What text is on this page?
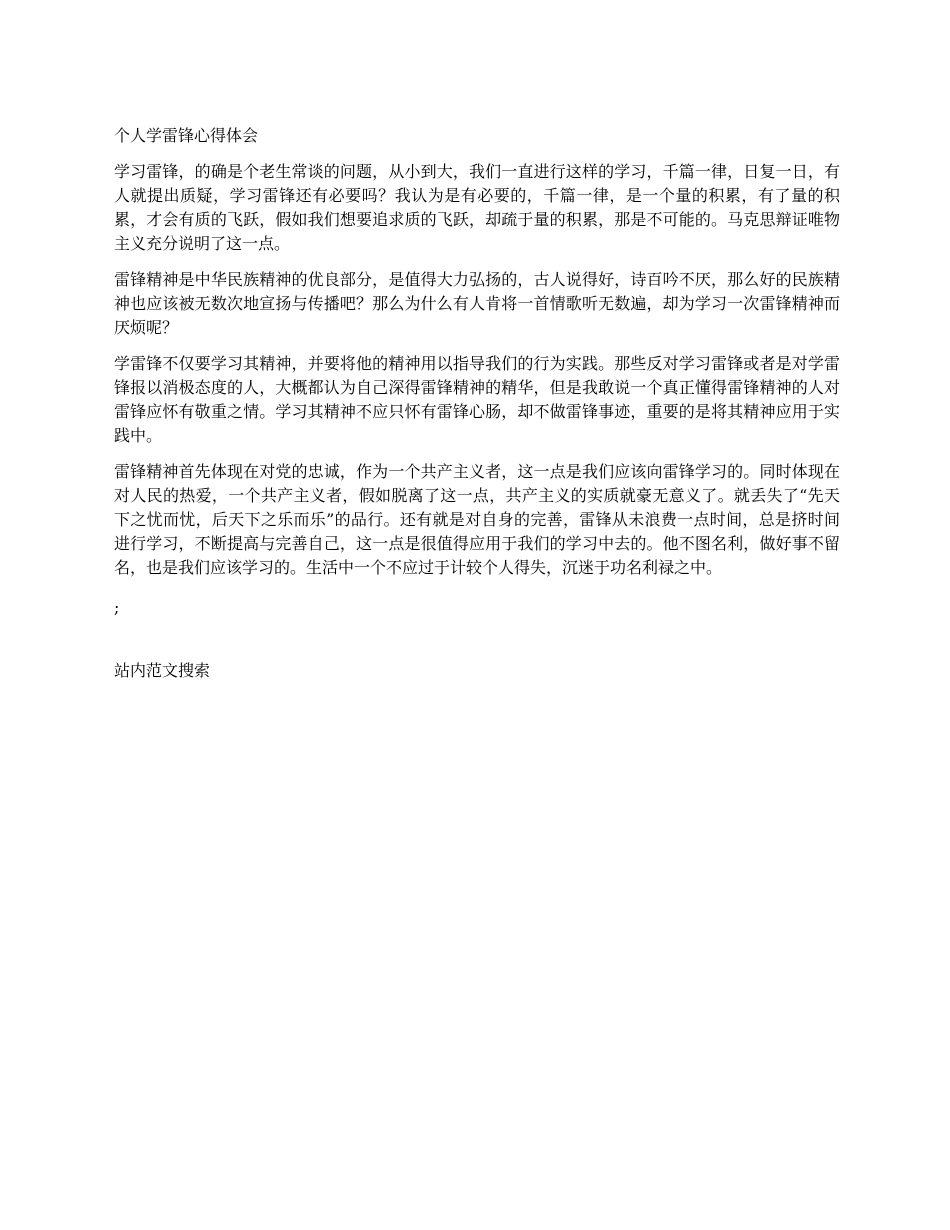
个人学雷锋心得体会

学习雷锋，的确是个老生常谈的问题，从小到大，我们一直进行这样的学习，千篇一律，日复一日，有人就提出质疑，学习雷锋还有必要吗？我认为是有必要的，千篇一律，是一个量的积累，有了量的积累，才会有质的飞跃，假如我们想要追求质的飞跃，却疏于量的积累，那是不可能的。马克思辩证唯物主义充分说明了这一点。

雷锋精神是中华民族精神的优良部分，是值得大力弘扬的，古人说得好，诗百吟不厌，那么好的民族精神也应该被无数次地宣扬与传播吧？那么为什么有人肯将一首情歌听无数遍，却为学习一次雷锋精神而厌烦呢？

学雷锋不仅要学习其精神，并要将他的精神用以指导我们的行为实践。那些反对学习雷锋或者是对学雷锋报以消极态度的人，大概都认为自己深得雷锋精神的精华，但是我敢说一个真正懂得雷锋精神的人对雷锋应怀有敬重之情。学习其精神不应只怀有雷锋心肠，却不做雷锋事迹，重要的是将其精神应用于实践中。

雷锋精神首先体现在对党的忠诚，作为一个共产主义者，这一点是我们应该向雷锋学习的。同时体现在对人民的热爱，一个共产主义者，假如脱离了这一点，共产主义的实质就豪无意义了。就丢失了“先天下之忧而忧，后天下之乐而乐”的品行。还有就是对自身的完善，雷锋从未浪费一点时间，总是挤时间进行学习，不断提高与完善自己，这一点是很值得应用于我们的学习中去的。他不图名利，做好事不留名，也是我们应该学习的。生活中一个不应过于计较个人得失，沉迷于功名利禄之中。

;
站内范文搜索
